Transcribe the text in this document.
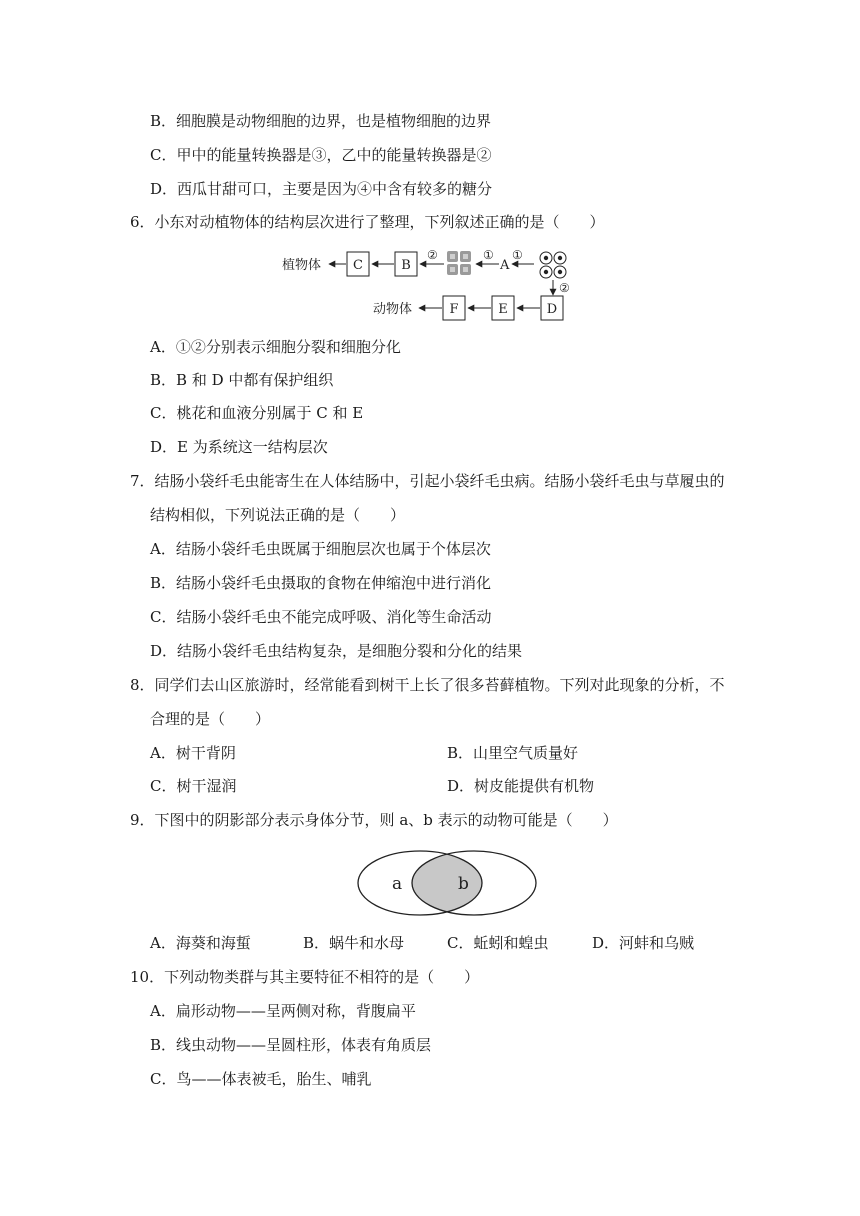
B．细胞膜是动物细胞的边界，也是植物细胞的边界
C．甲中的能量转换器是③，乙中的能量转换器是②
D．西瓜甘甜可口，主要是因为④中含有较多的糖分
6．小东对动植物体的结构层次进行了整理，下列叙述正确的是（　　）
植物体 C	B
②	①
A
①
②
动物体	F	E	D
A．①②分别表示细胞分裂和细胞分化
B．B 和 D 中都有保护组织
C．桃花和血液分别属于 C 和 E
D．E 为系统这一结构层次
7．结肠小袋纤毛虫能寄生在人体结肠中，引起小袋纤毛虫病。结肠小袋纤毛虫与草履虫的
结构相似，下列说法正确的是（　　）
A．结肠小袋纤毛虫既属于细胞层次也属于个体层次
B．结肠小袋纤毛虫摄取的食物在伸缩泡中进行消化
C．结肠小袋纤毛虫不能完成呼吸、消化等生命活动
D．结肠小袋纤毛虫结构复杂，是细胞分裂和分化的结果
8．同学们去山区旅游时，经常能看到树干上长了很多苔藓植物。下列对此现象的分析，不
合理的是（　　）
A．树干背阴	B．山里空气质量好
C．树干湿润	D．树皮能提供有机物
9．下图中的阴影部分表示身体分节，则 a、b 表示的动物可能是（　　）
a	b
A．海葵和海蜇	B．蜗牛和水母	C．蚯蚓和蝗虫	D．河蚌和乌贼
10．下列动物类群与其主要特征不相符的是（　　）
A．扁形动物——呈两侧对称，背腹扁平
B．线虫动物——呈圆柱形，体表有角质层
C．鸟——体表被毛，胎生、哺乳
